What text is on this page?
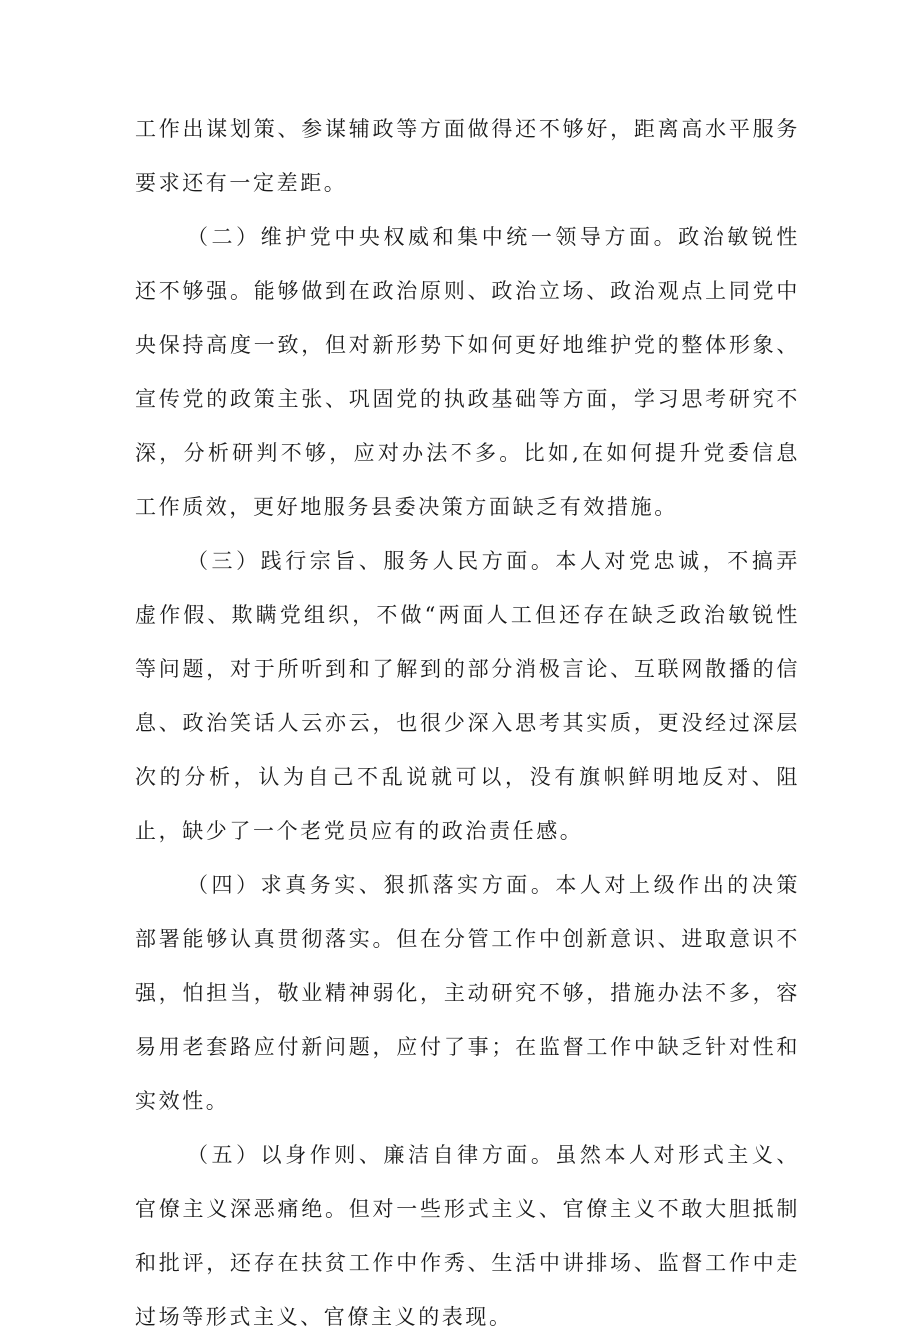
工作出谋划策、参谋辅政等方面做得还不够好，距离高水平服务要求还有一定差距。

（二）维护党中央权威和集中统一领导方面。政治敏锐性还不够强。能够做到在政治原则、政治立场、政治观点上同党中央保持高度一致，但对新形势下如何更好地维护党的整体形象、宣传党的政策主张、巩固党的执政基础等方面，学习思考研究不深，分析研判不够，应对办法不多。比如,在如何提升党委信息工作质效，更好地服务县委决策方面缺乏有效措施。

（三）践行宗旨、服务人民方面。本人对党忠诚，不搞弄虚作假、欺瞒党组织，不做“两面人工但还存在缺乏政治敏锐性等问题，对于所听到和了解到的部分消极言论、互联网散播的信息、政治笑话人云亦云，也很少深入思考其实质，更没经过深层次的分析，认为自己不乱说就可以，没有旗帜鲜明地反对、阻止，缺少了一个老党员应有的政治责任感。

（四）求真务实、狠抓落实方面。本人对上级作出的决策部署能够认真贯彻落实。但在分管工作中创新意识、进取意识不强，怕担当，敬业精神弱化，主动研究不够，措施办法不多，容易用老套路应付新问题，应付了事；在监督工作中缺乏针对性和实效性。

（五）以身作则、廉洁自律方面。虽然本人对形式主义、官僚主义深恶痛绝。但对一些形式主义、官僚主义不敢大胆抵制和批评，还存在扶贫工作中作秀、生活中讲排场、监督工作中走过场等形式主义、官僚主义的表现。
